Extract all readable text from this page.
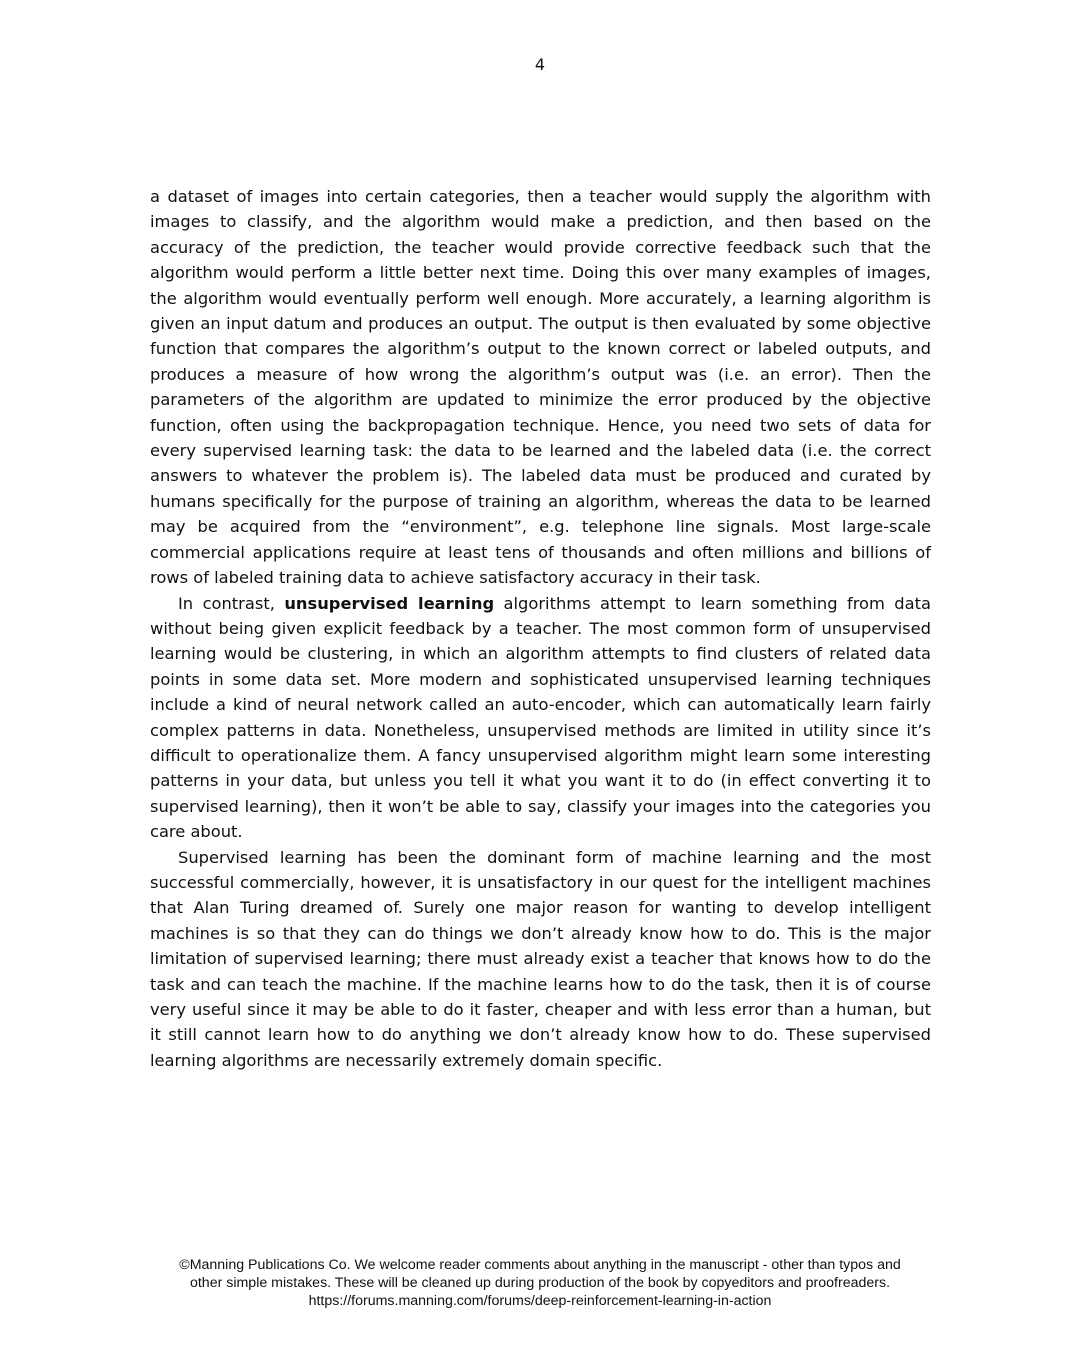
4

a dataset of images into certain categories, then a teacher would supply the algorithm with images to classify, and the algorithm would make a prediction, and then based on the accuracy of the prediction, the teacher would provide corrective feedback such that the algorithm would perform a little better next time. Doing this over many examples of images, the algorithm would eventually perform well enough. More accurately, a learning algorithm is given an input datum and produces an output. The output is then evaluated by some objective function that compares the algorithm’s output to the known correct or labeled outputs, and produces a measure of how wrong the algorithm’s output was (i.e. an error). Then the parameters of the algorithm are updated to minimize the error produced by the objective function, often using the backpropagation technique. Hence, you need two sets of data for every supervised learning task: the data to be learned and the labeled data (i.e. the correct answers to whatever the problem is). The labeled data must be produced and curated by humans specifically for the purpose of training an algorithm, whereas the data to be learned may be acquired from the “environment”, e.g. telephone line signals. Most large-scale commercial applications require at least tens of thousands and often millions and billions of rows of labeled training data to achieve satisfactory accuracy in their task.

In contrast, unsupervised learning algorithms attempt to learn something from data without being given explicit feedback by a teacher. The most common form of unsupervised learning would be clustering, in which an algorithm attempts to find clusters of related data points in some data set. More modern and sophisticated unsupervised learning techniques include a kind of neural network called an auto-encoder, which can automatically learn fairly complex patterns in data. Nonetheless, unsupervised methods are limited in utility since it’s difficult to operationalize them. A fancy unsupervised algorithm might learn some interesting patterns in your data, but unless you tell it what you want it to do (in effect converting it to supervised learning), then it won’t be able to say, classify your images into the categories you care about.

Supervised learning has been the dominant form of machine learning and the most successful commercially, however, it is unsatisfactory in our quest for the intelligent machines that Alan Turing dreamed of. Surely one major reason for wanting to develop intelligent machines is so that they can do things we don’t already know how to do. This is the major limitation of supervised learning; there must already exist a teacher that knows how to do the task and can teach the machine. If the machine learns how to do the task, then it is of course very useful since it may be able to do it faster, cheaper and with less error than a human, but it still cannot learn how to do anything we don’t already know how to do. These supervised learning algorithms are necessarily extremely domain specific.

©Manning Publications Co. We welcome reader comments about anything in the manuscript - other than typos and
other simple mistakes. These will be cleaned up during production of the book by copyeditors and proofreaders.
https://forums.manning.com/forums/deep-reinforcement-learning-in-action
